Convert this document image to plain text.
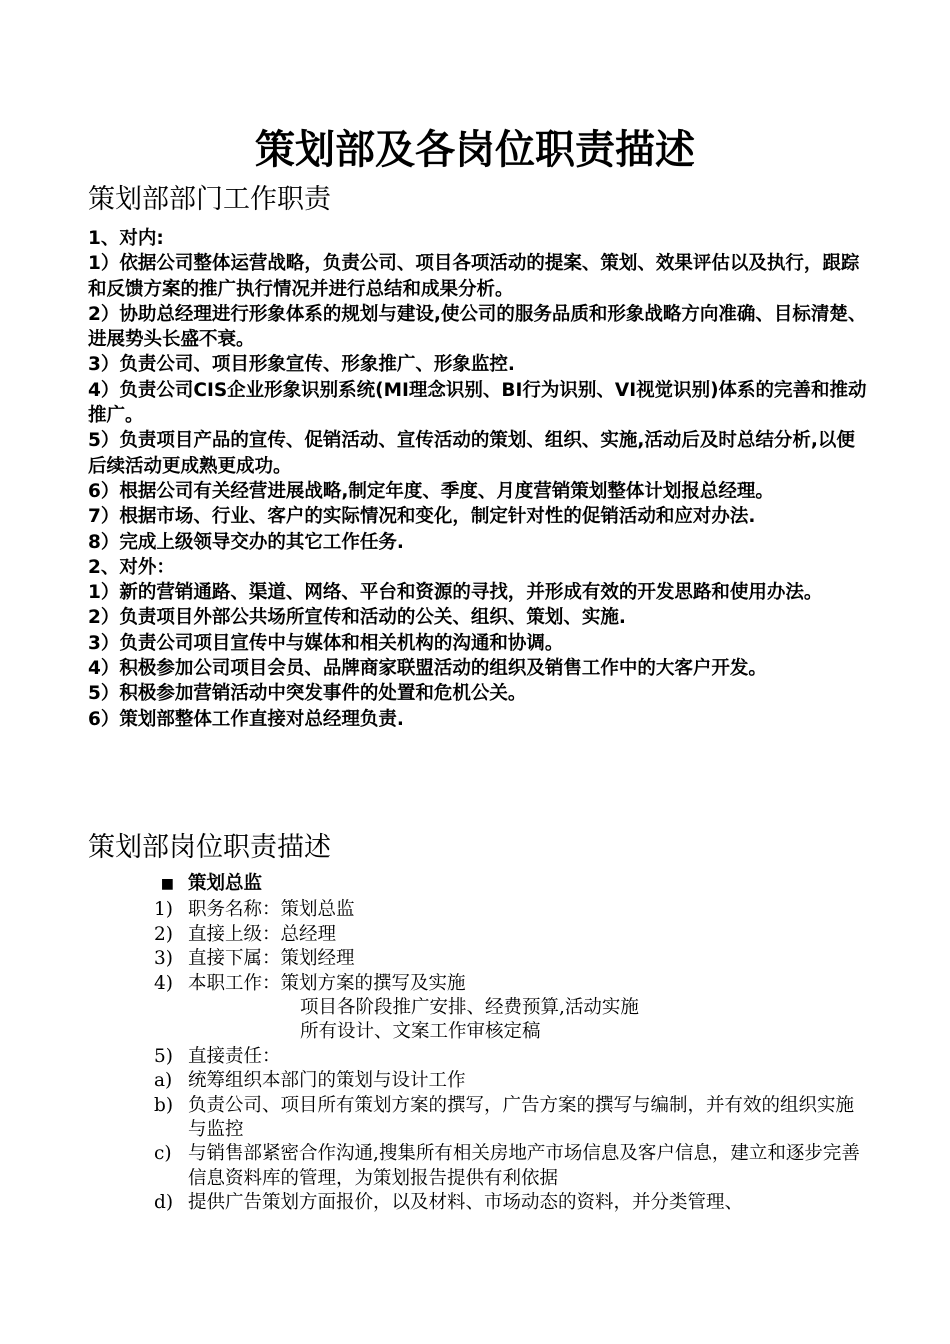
策划部及各岗位职责描述
策划部部门工作职责

1、对内:

1）依据公司整体运营战略，负责公司、项目各项活动的提案、策划、效果评估以及执行，跟踪和反馈方案的推广执行情况并进行总结和成果分析。

2）协助总经理进行形象体系的规划与建设,使公司的服务品质和形象战略方向准确、目标清楚、进展势头长盛不衰。

3）负责公司、项目形象宣传、形象推广、形象监控.

4）负责公司CIS企业形象识别系统(MI理念识别、BI行为识别、VI视觉识别)体系的完善和推动推广。

5）负责项目产品的宣传、促销活动、宣传活动的策划、组织、实施,活动后及时总结分析,以便后续活动更成熟更成功。

6）根据公司有关经营进展战略,制定年度、季度、月度营销策划整体计划报总经理。

7）根据市场、行业、客户的实际情况和变化，制定针对性的促销活动和应对办法.

8）完成上级领导交办的其它工作任务.

2、对外：

1）新的营销通路、渠道、网络、平台和资源的寻找，并形成有效的开发思路和使用办法。

2）负责项目外部公共场所宣传和活动的公关、组织、策划、实施.

3）负责公司项目宣传中与媒体和相关机构的沟通和协调。

4）积极参加公司项目会员、品牌商家联盟活动的组织及销售工作中的大客户开发。

5）积极参加营销活动中突发事件的处置和危机公关。

6）策划部整体工作直接对总经理负责.

策划部岗位职责描述
■ 策划总监
1) 职务名称：策划总监
2) 直接上级：总经理
3) 直接下属：策划经理
4) 本职工作：策划方案的撰写及实施
项目各阶段推广安排、经费预算,活动实施
所有设计、文案工作审核定稿
5) 直接责任：
a) 统筹组织本部门的策划与设计工作
b) 负责公司、项目所有策划方案的撰写，广告方案的撰写与编制，并有效的组织实施与监控
c) 与销售部紧密合作沟通,搜集所有相关房地产市场信息及客户信息，建立和逐步完善信息资料库的管理，为策划报告提供有利依据
d) 提供广告策划方面报价，以及材料、市场动态的资料，并分类管理、
